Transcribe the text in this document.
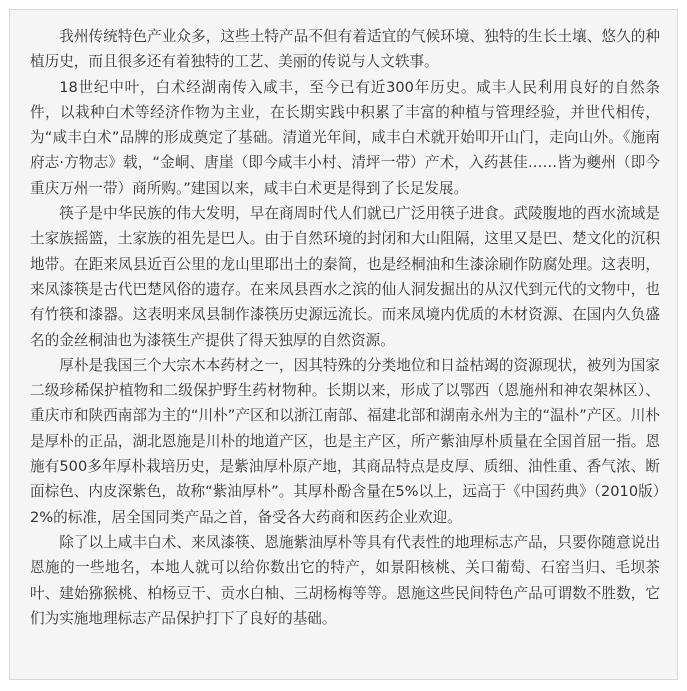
我州传统特色产业众多，这些土特产品不但有着适宜的气候环境、独特的生长土壤、悠久的种植历史，而且很多还有着独特的工艺、美丽的传说与人文轶事。

18世纪中叶，白术经湖南传入咸丰，至今已有近300年历史。咸丰人民利用良好的自然条件，以栽种白术等经济作物为主业，在长期实践中积累了丰富的种植与管理经验，并世代相传，为“咸丰白术”品牌的形成奠定了基础。清道光年间，咸丰白术就开始叩开山门，走向山外。《施南府志·方物志》载，“金峒、唐崖（即今咸丰小村、清坪一带）产术，入药甚佳……皆为夔州（即今重庆万州一带）商所购。”建国以来，咸丰白术更是得到了长足发展。

筷子是中华民族的伟大发明，早在商周时代人们就已广泛用筷子进食。武陵腹地的酉水流域是土家族摇篮，土家族的祖先是巴人。由于自然环境的封闭和大山阻隔，这里又是巴、楚文化的沉积地带。在距来凤县近百公里的龙山里耶出土的秦简，也是经桐油和生漆涂刷作防腐处理。这表明，来凤漆筷是古代巴楚风俗的遗存。在来凤县酉水之滨的仙人洞发掘出的从汉代到元代的文物中，也有竹筷和漆器。这表明来凤县制作漆筷历史源远流长。而来凤境内优质的木材资源、在国内久负盛名的金丝桐油也为漆筷生产提供了得天独厚的自然资源。

厚朴是我国三个大宗木本药材之一，因其特殊的分类地位和日益枯竭的资源现状，被列为国家二级珍稀保护植物和二级保护野生药材物种。长期以来，形成了以鄂西（恩施州和神农架林区）、重庆市和陕西南部为主的“川朴”产区和以浙江南部、福建北部和湖南永州为主的“温朴”产区。川朴是厚朴的正品，湖北恩施是川朴的地道产区，也是主产区，所产紫油厚朴质量在全国首屈一指。恩施有500多年厚朴栽培历史，是紫油厚朴原产地，其商品特点是皮厚、质细、油性重、香气浓、断面棕色、内皮深紫色，故称“紫油厚朴”。其厚朴酚含量在5%以上，远高于《中国药典》（2010版）2%的标准，居全国同类产品之首，备受各大药商和医药企业欢迎。

除了以上咸丰白术、来凤漆筷、恩施紫油厚朴等具有代表性的地理标志产品，只要你随意说出恩施的一些地名，本地人就可以给你数出它的特产，如景阳核桃、关口葡萄、石窑当归、毛坝茶叶、建始猕猴桃、柏杨豆干、贡水白柚、三胡杨梅等等。恩施这些民间特色产品可谓数不胜数，它们为实施地理标志产品保护打下了良好的基础。
